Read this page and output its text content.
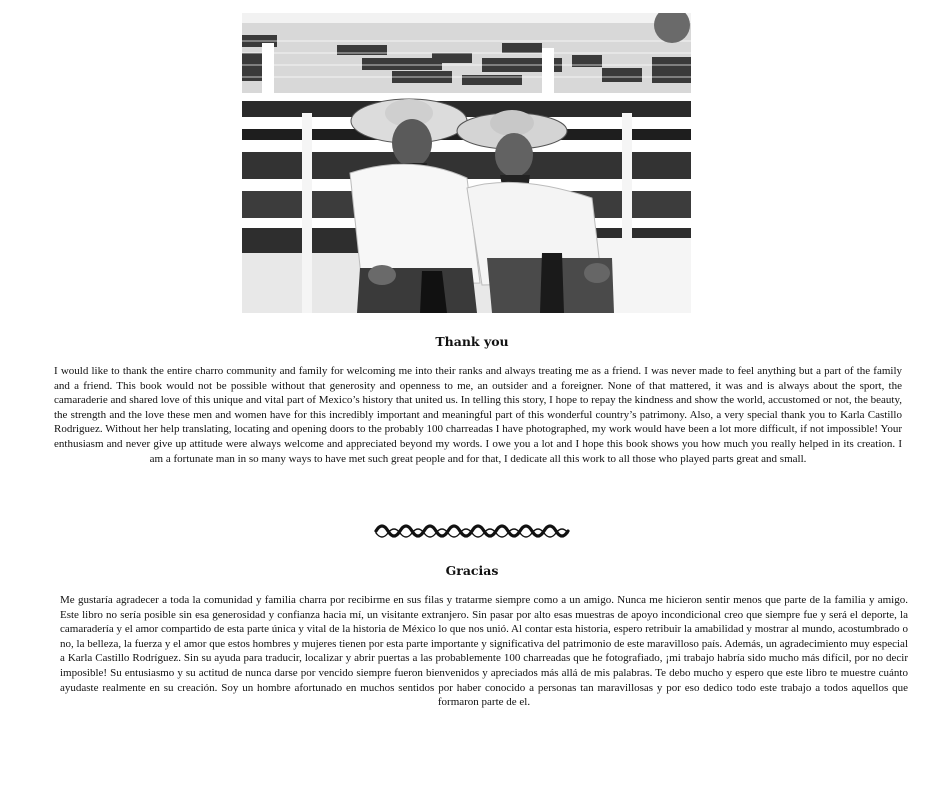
Thank you

I would like to thank the entire charro community and family for welcoming me into their ranks and always treating me as a friend. I was never made to feel anything but a part of the family and a friend. This book would not be possible without that generosity and openness to me, an outsider and a foreigner. None of that mattered, it was and is always about the sport, the camaraderie and shared love of this unique and vital part of Mexico’s history that united us. In telling this story, I hope to repay the kindness and show the world, accustomed or not, the beauty, the strength and the love these men and women have for this incredibly important and meaningful part of this wonderful country’s patrimony. Also, a very special thank you to Karla Castillo Rodriguez. Without her help translating, locating and opening doors to the probably 100 charreadas I have photographed, my work would have been a lot more difficult, if not impossible! Your enthusiasm and never give up attitude were always welcome and appreciated beyond my words. I owe you a lot and I hope this book shows you how much you really helped in its creation. I am a fortunate man in so many ways to have met such great people and for that, I dedicate all this work to all those who played parts great and small.

Gracias

Me gustaría agradecer a toda la comunidad y familia charra por recibirme en sus filas y tratarme siempre como a un amigo. Nunca me hicieron sentir menos que parte de la familia y amigo. Este libro no sería posible sin esa generosidad y confianza hacia mí, un visitante extranjero. Sin pasar por alto esas muestras de apoyo incondicional creo que siempre fue y será el deporte, la camaradería y el amor compartido de esta parte única y vital de la historia de México lo que nos unió. Al contar esta historia, espero retribuir la amabilidad y mostrar al mundo, acostumbrado o no, la belleza, la fuerza y el amor que estos hombres y mujeres tienen por esta parte importante y significativa del patrimonio de este maravilloso país. Además, un agradecimiento muy especial a Karla Castillo Rodríguez. Sin su ayuda para traducir, localizar y abrir puertas a las probablemente 100 charreadas que he fotografiado, ¡mi trabajo habría sido mucho más difícil, por no decir imposible! Su entusiasmo y su actitud de nunca darse por vencido siempre fueron bienvenidos y apreciados más allá de mis palabras. Te debo mucho y espero que este libro te muestre cuánto ayudaste realmente en su creación. Soy un hombre afortunado en muchos sentidos por haber conocido a personas tan maravillosas y por eso dedico todo este trabajo a todos aquellos que formaron parte de el.
